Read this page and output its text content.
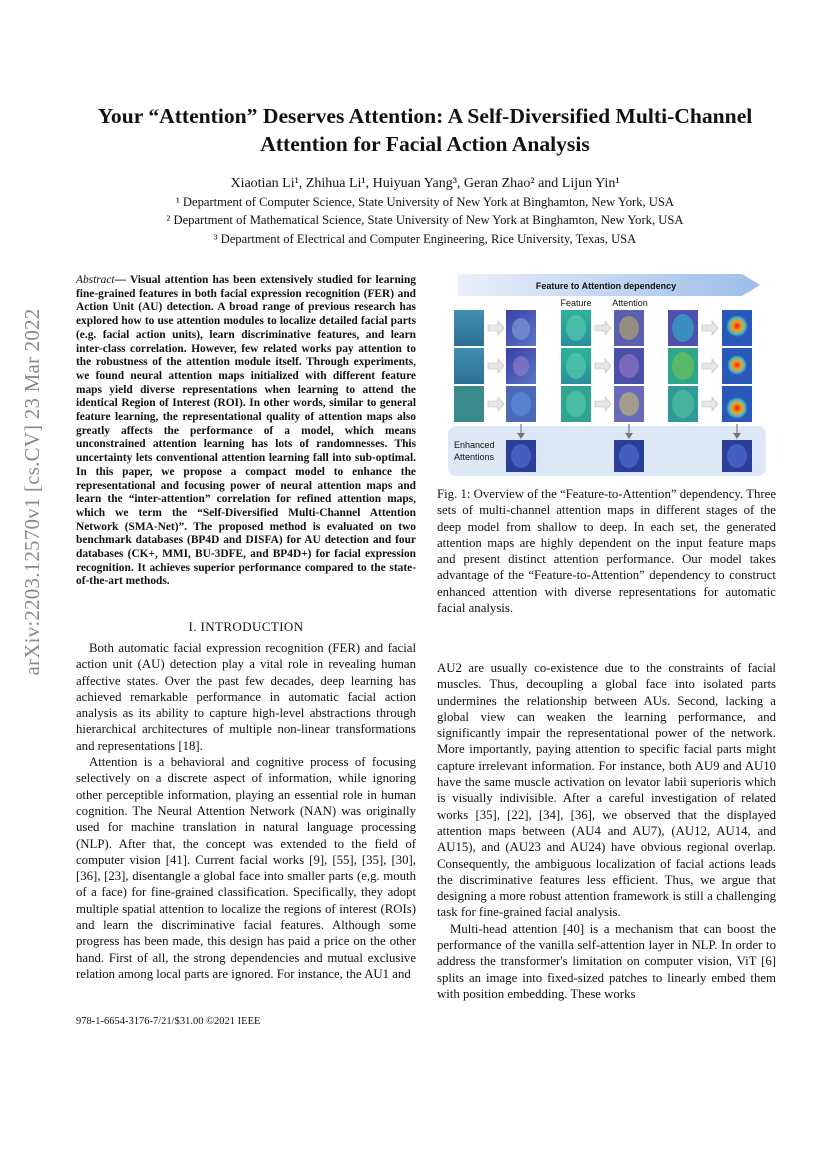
arXiv:2203.12570v1 [cs.CV] 23 Mar 2022
Your “Attention” Deserves Attention: A Self-Diversified Multi-Channel Attention for Facial Action Analysis
Xiaotian Li¹, Zhihua Li¹, Huiyuan Yang³, Geran Zhao² and Lijun Yin¹
¹ Department of Computer Science, State University of New York at Binghamton, New York, USA
² Department of Mathematical Science, State University of New York at Binghamton, New York, USA
³ Department of Electrical and Computer Engineering, Rice University, Texas, USA
Abstract— Visual attention has been extensively studied for learning fine-grained features in both facial expression recognition (FER) and Action Unit (AU) detection. A broad range of previous research has explored how to use attention modules to localize detailed facial parts (e.g. facial action units), learn discriminative features, and learn inter-class correlation. However, few related works pay attention to the robustness of the attention module itself. Through experiments, we found neural attention maps initialized with different feature maps yield diverse representations when learning to attend the identical Region of Interest (ROI). In other words, similar to general feature learning, the representational quality of attention maps also greatly affects the performance of a model, which means unconstrained attention learning has lots of randomnesses. This uncertainty lets conventional attention learning fall into sub-optimal. In this paper, we propose a compact model to enhance the representational and focusing power of neural attention maps and learn the “inter-attention” correlation for refined attention maps, which we term the “Self-Diversified Multi-Channel Attention Network (SMA-Net)”. The proposed method is evaluated on two benchmark databases (BP4D and DISFA) for AU detection and four databases (CK+, MMI, BU-3DFE, and BP4D+) for facial expression recognition. It achieves superior performance compared to the state-of-the-art methods.
I. INTRODUCTION

Both automatic facial expression recognition (FER) and facial action unit (AU) detection play a vital role in revealing human affective states. Over the past few decades, deep learning has achieved remarkable performance in automatic facial action analysis as its ability to capture high-level abstractions through hierarchical architectures of multiple non-linear transformations and representations [18].

Attention is a behavioral and cognitive process of focusing selectively on a discrete aspect of information, while ignoring other perceptible information, playing an essential role in human cognition. The Neural Attention Network (NAN) was originally used for machine translation in natural language processing (NLP). After that, the concept was extended to the field of computer vision [41]. Current facial works [9], [55], [35], [30], [36], [23], disentangle a global face into smaller parts (e,g. mouth of a face) for fine-grained classification. Specifically, they adopt multiple spatial attention to localize the regions of interest (ROIs) and learn the discriminative facial features. Although some progress has been made, this design has paid a price on the other hand. First of all, the strong dependencies and mutual exclusive relation among local parts are ignored. For instance, the AU1 and

978-1-6654-3176-7/21/$31.00 ©2021 IEEE
Feature to Attention dependency
Feature Attention
Enhanced
Attentions
Fig. 1: Overview of the “Feature-to-Attention” dependency. Three sets of multi-channel attention maps in different stages of the deep model from shallow to deep. In each set, the generated attention maps are highly dependent on the input feature maps and present distinct attention performance. Our model takes advantage of the “Feature-to-Attention” dependency to construct enhanced attention with diverse representations for automatic facial analysis.

AU2 are usually co-existence due to the constraints of facial muscles. Thus, decoupling a global face into isolated parts undermines the relationship between AUs. Second, lacking a global view can weaken the learning performance, and significantly impair the representational power of the network. More importantly, paying attention to specific facial parts might capture irrelevant information. For instance, both AU9 and AU10 have the same muscle activation on levator labii superioris which is visually indivisible. After a careful investigation of related works [35], [22], [34], [36], we observed that the displayed attention maps between (AU4 and AU7), (AU12, AU14, and AU15), and (AU23 and AU24) have obvious regional overlap. Consequently, the ambiguous localization of facial actions leads the discriminative features less efficient. Thus, we argue that designing a more robust attention framework is still a challenging task for fine-grained facial analysis.

Multi-head attention [40] is a mechanism that can boost the performance of the vanilla self-attention layer in NLP. In order to address the transformer's limitation on computer vision, ViT [6] splits an image into fixed-sized patches to linearly embed them with position embedding. These works
